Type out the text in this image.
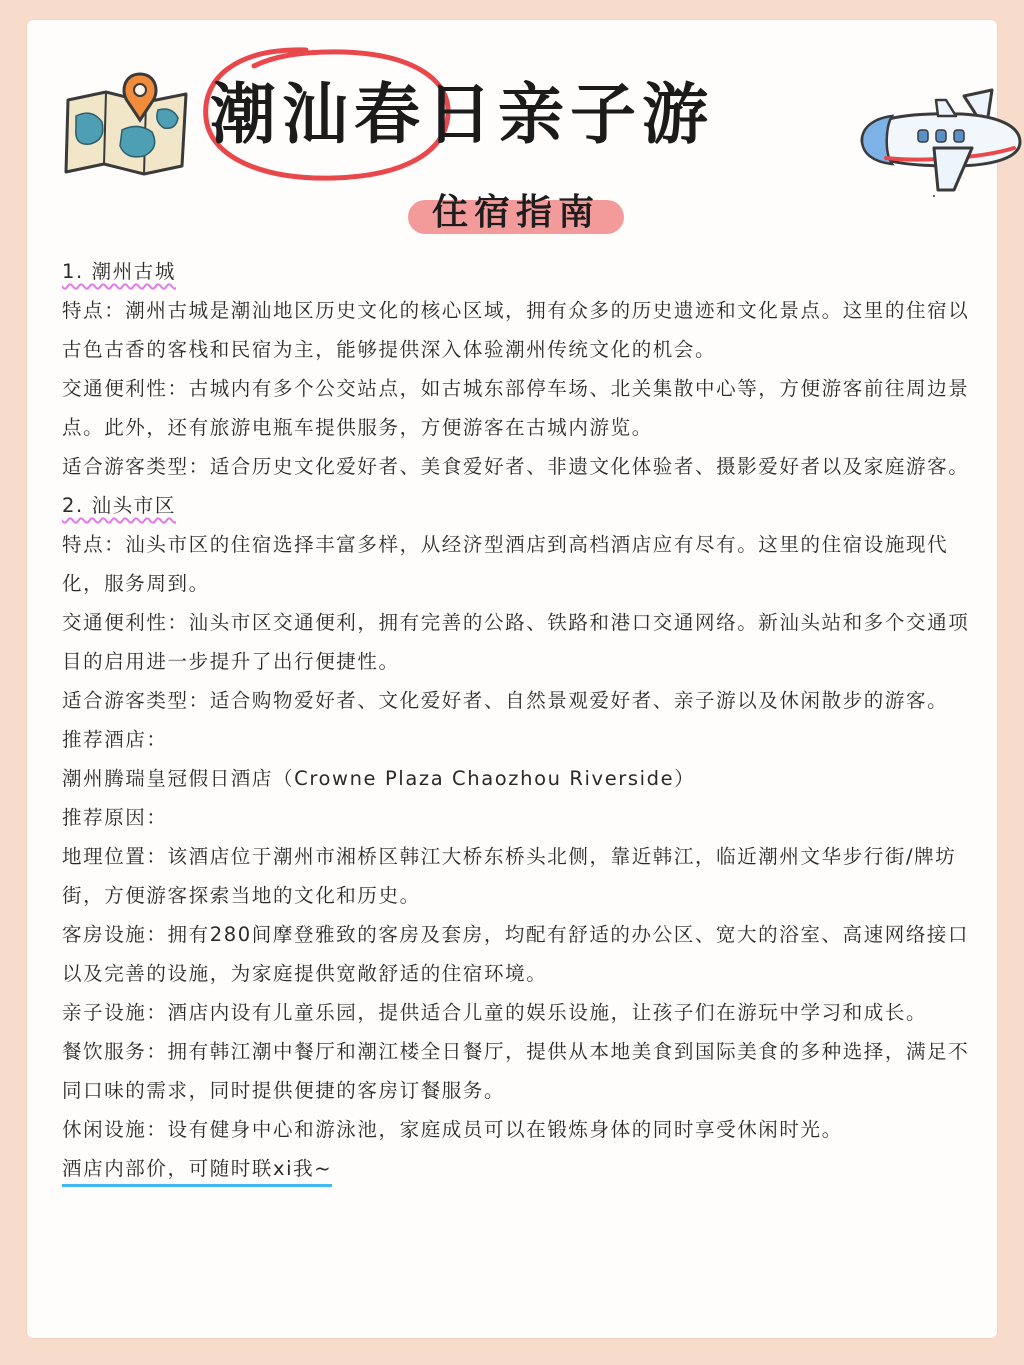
潮汕春日亲子游
住宿指南

1. 潮州古城

特点：潮州古城是潮汕地区历史文化的核心区域，拥有众多的历史遗迹和文化景点。这里的住宿以古色古香的客栈和民宿为主，能够提供深入体验潮州传统文化的机会。

交通便利性：古城内有多个公交站点，如古城东部停车场、北关集散中心等，方便游客前往周边景点。此外，还有旅游电瓶车提供服务，方便游客在古城内游览。

适合游客类型：适合历史文化爱好者、美食爱好者、非遗文化体验者、摄影爱好者以及家庭游客。

2. 汕头市区

特点：汕头市区的住宿选择丰富多样，从经济型酒店到高档酒店应有尽有。这里的住宿设施现代化，服务周到。

交通便利性：汕头市区交通便利，拥有完善的公路、铁路和港口交通网络。新汕头站和多个交通项目的启用进一步提升了出行便捷性。

适合游客类型：适合购物爱好者、文化爱好者、自然景观爱好者、亲子游以及休闲散步的游客。

推荐酒店：

潮州腾瑞皇冠假日酒店（Crowne Plaza Chaozhou Riverside）

推荐原因：

地理位置：该酒店位于潮州市湘桥区韩江大桥东桥头北侧，靠近韩江，临近潮州文华步行街/牌坊街，方便游客探索当地的文化和历史。

客房设施：拥有280间摩登雅致的客房及套房，均配有舒适的办公区、宽大的浴室、高速网络接口以及完善的设施，为家庭提供宽敞舒适的住宿环境。

亲子设施：酒店内设有儿童乐园，提供适合儿童的娱乐设施，让孩子们在游玩中学习和成长。

餐饮服务：拥有韩江潮中餐厅和潮江楼全日餐厅，提供从本地美食到国际美食的多种选择，满足不同口味的需求，同时提供便捷的客房订餐服务。

休闲设施：设有健身中心和游泳池，家庭成员可以在锻炼身体的同时享受休闲时光。

酒店内部价，可随时联xi我~
